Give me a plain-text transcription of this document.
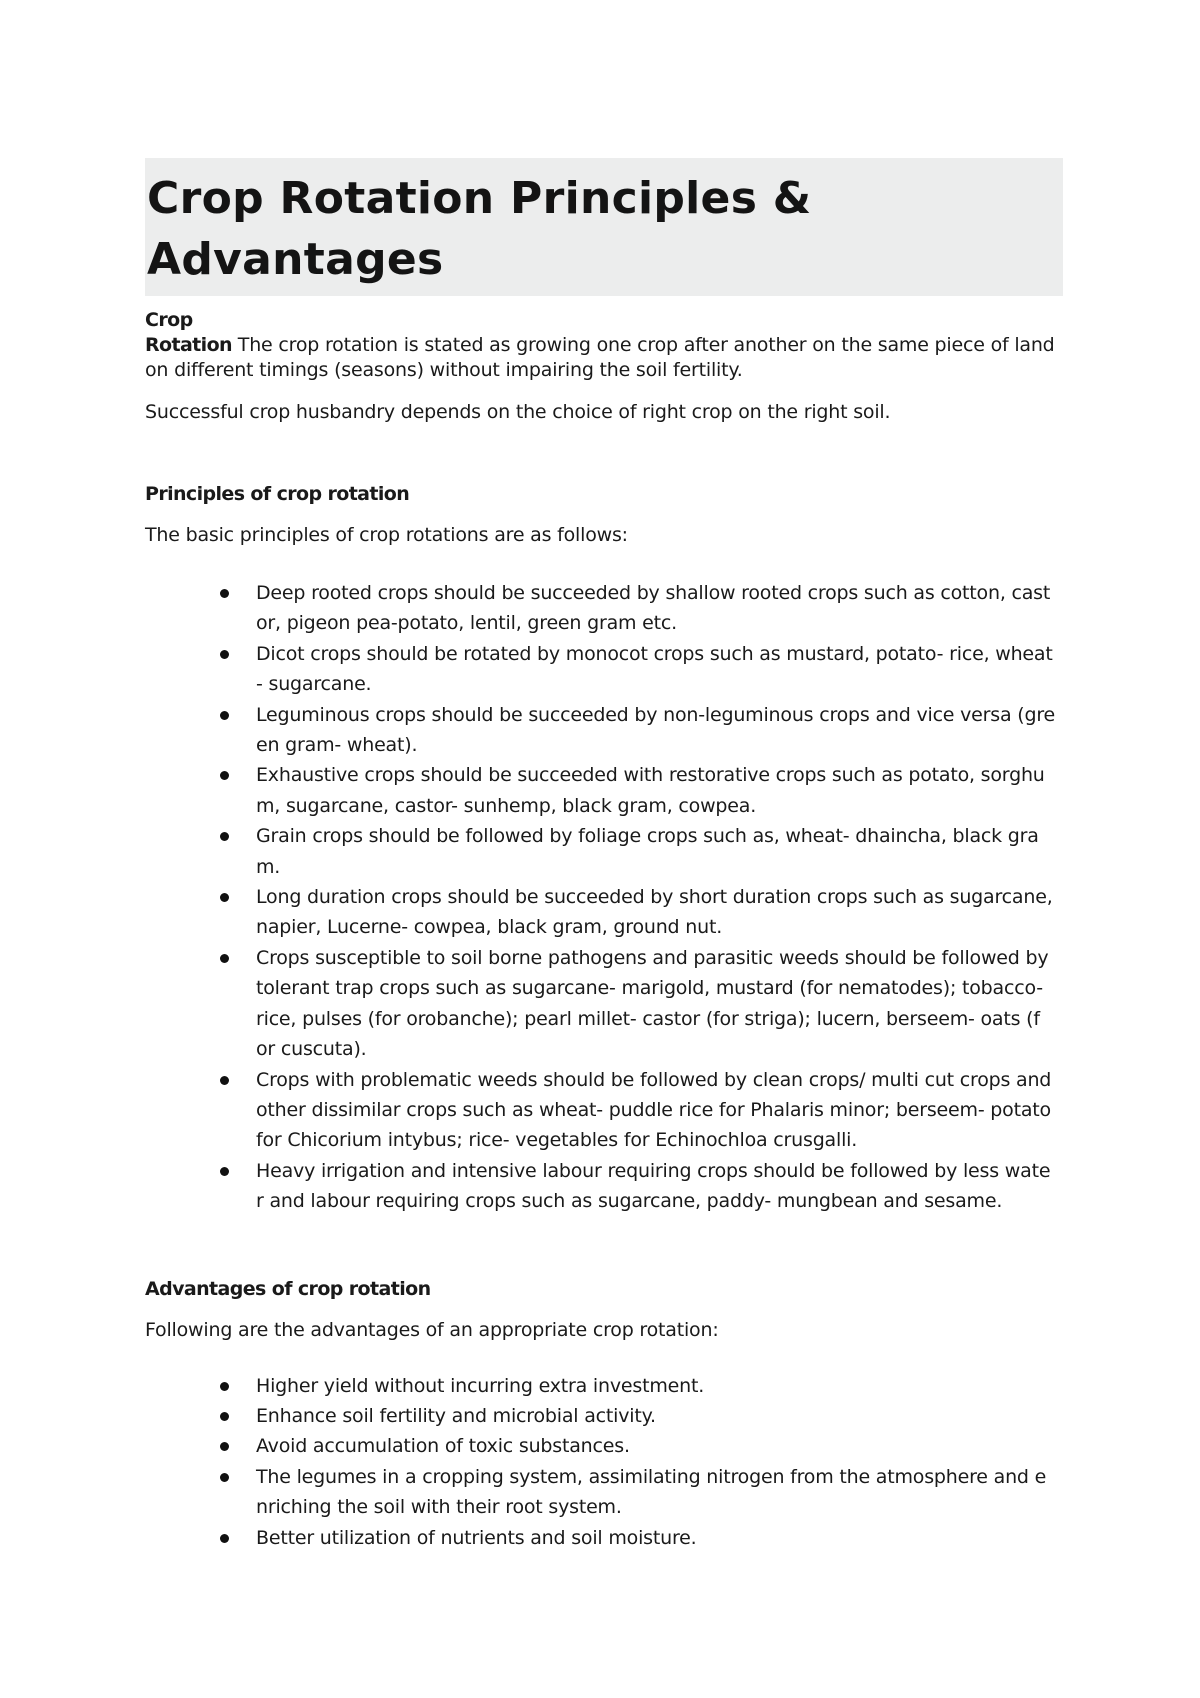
Crop Rotation Principles & Advantages

Crop
Rotation The crop rotation is stated as growing one crop after another on the same piece of land on different timings (seasons) without impairing the soil fertility.

Successful crop husbandry depends on the choice of right crop on the right soil.

Principles of crop rotation

The basic principles of crop rotations are as follows:

Deep rooted crops should be succeeded by shallow rooted crops such as cotton, cast or, pigeon pea-potato, lentil, green gram etc.
Dicot crops should be rotated by monocot crops such as mustard, potato- rice, wheat - sugarcane.
Leguminous crops should be succeeded by non-leguminous crops and vice versa (gre en gram- wheat).
Exhaustive crops should be succeeded with restorative crops such as potato, sorghu m, sugarcane, castor- sunhemp, black gram, cowpea.
Grain crops should be followed by foliage crops such as, wheat- dhaincha, black gra m.
Long duration crops should be succeeded by short duration crops such as sugarcane, napier, Lucerne- cowpea, black gram, ground nut.
Crops susceptible to soil borne pathogens and parasitic weeds should be followed by tolerant trap crops such as sugarcane- marigold, mustard (for nematodes); tobacco- rice, pulses (for orobanche); pearl millet- castor (for striga); lucern, berseem- oats (f or cuscuta).
Crops with problematic weeds should be followed by clean crops/ multi cut crops and other dissimilar crops such as wheat- puddle rice for Phalaris minor; berseem- potato for Chicorium intybus; rice- vegetables for Echinochloa crusgalli.
Heavy irrigation and intensive labour requiring crops should be followed by less wate r and labour requiring crops such as sugarcane, paddy- mungbean and sesame.
Advantages of crop rotation

Following are the advantages of an appropriate crop rotation:

Higher yield without incurring extra investment.
Enhance soil fertility and microbial activity.
Avoid accumulation of toxic substances.
The legumes in a cropping system, assimilating nitrogen from the atmosphere and e nriching the soil with their root system.
Better utilization of nutrients and soil moisture.
